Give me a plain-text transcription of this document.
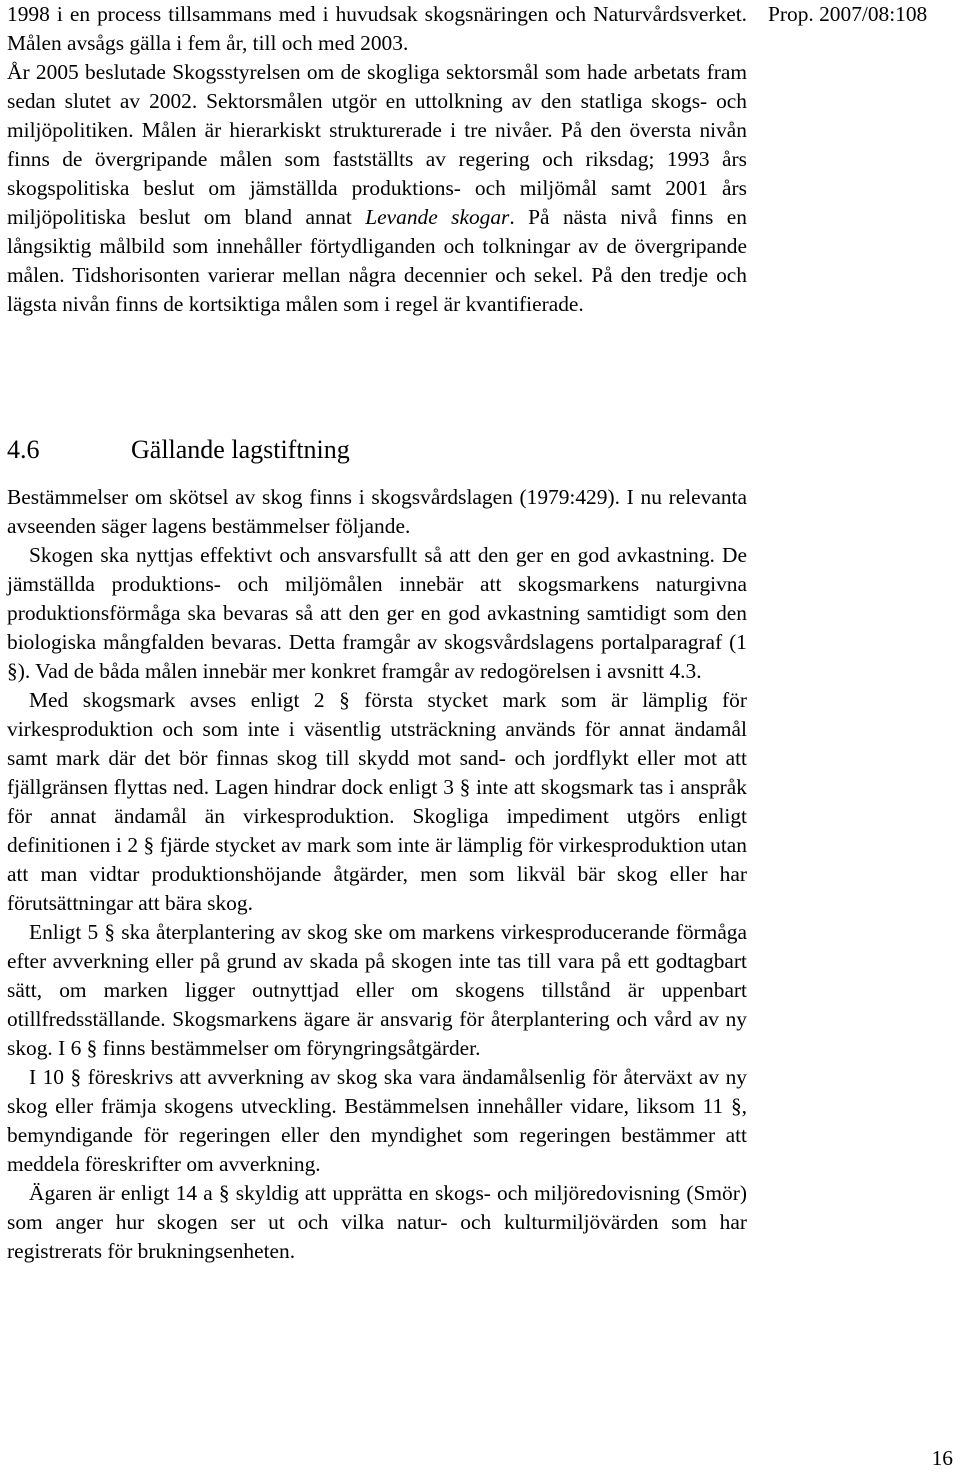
Prop. 2007/08:108

1998 i en process tillsammans med i huvudsak skogsnäringen och Naturvårdsverket. Målen avsågs gälla i fem år, till och med 2003.

År 2005 beslutade Skogsstyrelsen om de skogliga sektorsmål som hade arbetats fram sedan slutet av 2002. Sektorsmålen utgör en uttolkning av den statliga skogs- och miljöpolitiken. Målen är hierarkiskt strukturerade i tre nivåer. På den översta nivån finns de övergripande målen som fastställts av regering och riksdag; 1993 års skogspolitiska beslut om jämställda produktions- och miljömål samt 2001 års miljöpolitiska beslut om bland annat Levande skogar. På nästa nivå finns en långsiktig målbild som innehåller förtydliganden och tolkningar av de övergripande målen. Tidshorisonten varierar mellan några decennier och sekel. På den tredje och lägsta nivån finns de kortsiktiga målen som i regel är kvantifierade.

4.6	Gällande lagstiftning

Bestämmelser om skötsel av skog finns i skogsvårdslagen (1979:429). I nu relevanta avseenden säger lagens bestämmelser följande.

Skogen ska nyttjas effektivt och ansvarsfullt så att den ger en god avkastning. De jämställda produktions- och miljömålen innebär att skogsmarkens naturgivna produktionsförmåga ska bevaras så att den ger en god avkastning samtidigt som den biologiska mångfalden bevaras. Detta framgår av skogsvårdslagens portalparagraf (1 §). Vad de båda målen innebär mer konkret framgår av redogörelsen i avsnitt 4.3.

Med skogsmark avses enligt 2 § första stycket mark som är lämplig för virkesproduktion och som inte i väsentlig utsträckning används för annat ändamål samt mark där det bör finnas skog till skydd mot sand- och jordflykt eller mot att fjällgränsen flyttas ned. Lagen hindrar dock enligt 3 § inte att skogsmark tas i anspråk för annat ändamål än virkesproduktion. Skogliga impediment utgörs enligt definitionen i 2 § fjärde stycket av mark som inte är lämplig för virkesproduktion utan att man vidtar produktionshöjande åtgärder, men som likväl bär skog eller har förutsättningar att bära skog.

Enligt 5 § ska återplantering av skog ske om markens virkesproducerande förmåga efter avverkning eller på grund av skada på skogen inte tas till vara på ett godtagbart sätt, om marken ligger outnyttjad eller om skogens tillstånd är uppenbart otillfredsställande. Skogsmarkens ägare är ansvarig för återplantering och vård av ny skog. I 6 § finns bestämmelser om föryngringsåtgärder.

I 10 § föreskrivs att avverkning av skog ska vara ändamålsenlig för återväxt av ny skog eller främja skogens utveckling. Bestämmelsen innehåller vidare, liksom 11 §, bemyndigande för regeringen eller den myndighet som regeringen bestämmer att meddela föreskrifter om avverkning.

Ägaren är enligt 14 a § skyldig att upprätta en skogs- och miljöredovisning (Smör) som anger hur skogen ser ut och vilka natur- och kulturmiljövärden som har registrerats för brukningsenheten.

16
